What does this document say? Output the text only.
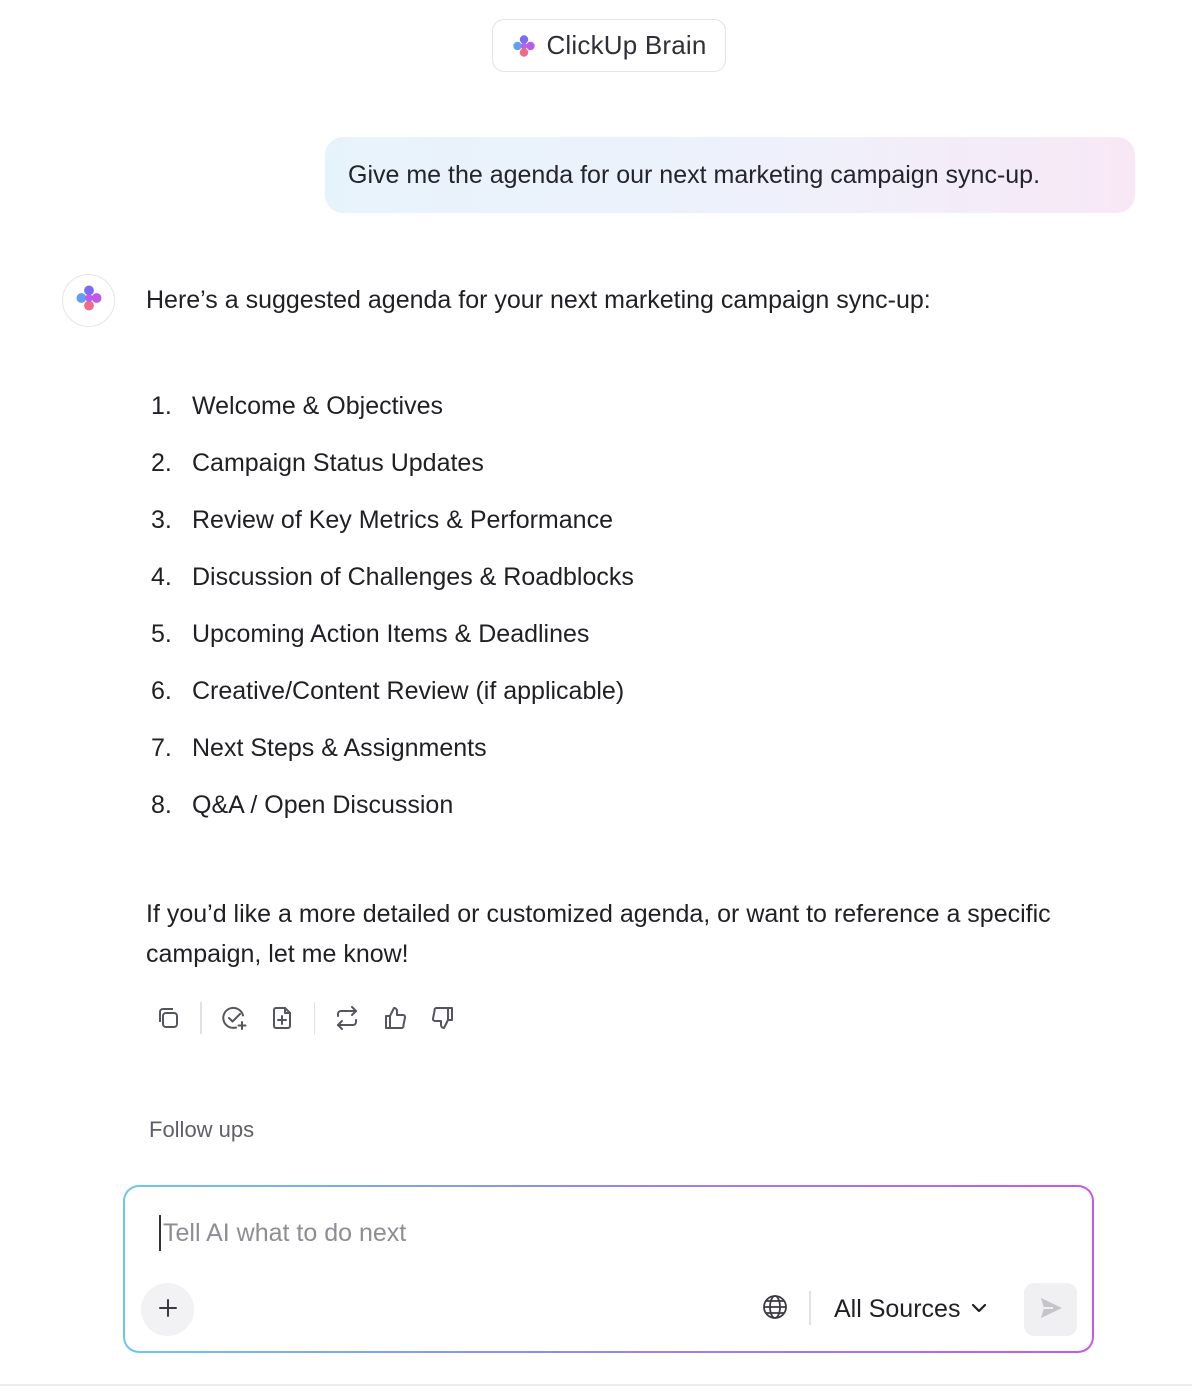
ClickUp Brain
Give me the agenda for our next marketing campaign sync-up.
Here’s a suggested agenda for your next marketing campaign sync-up:
1. Welcome & Objectives
2. Campaign Status Updates
3. Review of Key Metrics & Performance
4. Discussion of Challenges & Roadblocks
5. Upcoming Action Items & Deadlines
6. Creative/Content Review (if applicable)
7. Next Steps & Assignments
8. Q&A / Open Discussion
If you’d like a more detailed or customized agenda, or want to reference a specific campaign, let me know!
Follow ups
Tell AI what to do next
All Sources
